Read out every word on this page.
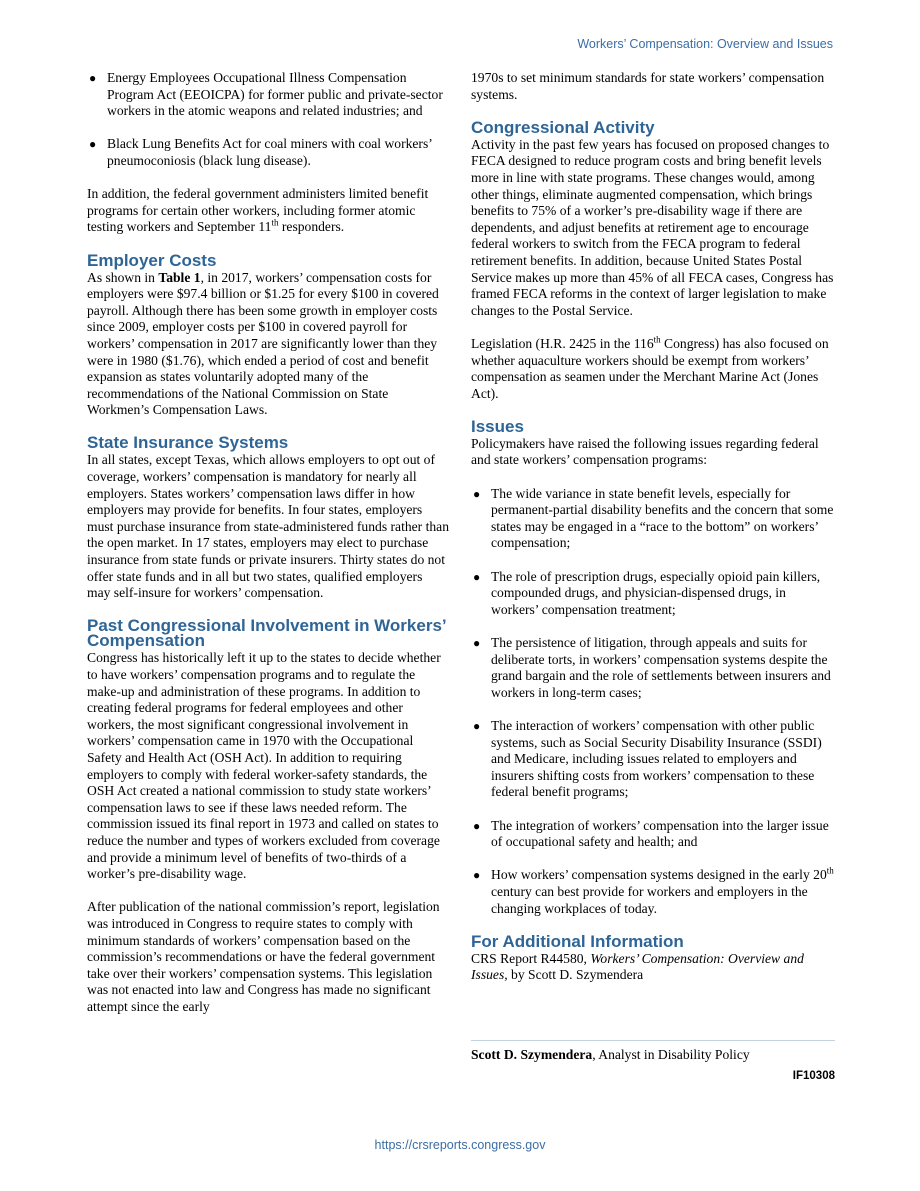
Workers’ Compensation: Overview and Issues
● Energy Employees Occupational Illness Compensation Program Act (EEOICPA) for former public and private-sector workers in the atomic weapons and related industries; and
● Black Lung Benefits Act for coal miners with coal workers’ pneumoconiosis (black lung disease).

In addition, the federal government administers limited benefit programs for certain other workers, including former atomic testing workers and September 11th responders.

Employer Costs

As shown in Table 1, in 2017, workers’ compensation costs for employers were $97.4 billion or $1.25 for every $100 in covered payroll. Although there has been some growth in employer costs since 2009, employer costs per $100 in covered payroll for workers’ compensation in 2017 are significantly lower than they were in 1980 ($1.76), which ended a period of cost and benefit expansion as states voluntarily adopted many of the recommendations of the National Commission on State Workmen’s Compensation Laws.

State Insurance Systems

In all states, except Texas, which allows employers to opt out of coverage, workers’ compensation is mandatory for nearly all employers. States workers’ compensation laws differ in how employers may provide for benefits. In four states, employers must purchase insurance from state-administered funds rather than the open market. In 17 states, employers may elect to purchase insurance from state funds or private insurers. Thirty states do not offer state funds and in all but two states, qualified employers may self-insure for workers’ compensation.

Past Congressional Involvement in Workers’ Compensation

Congress has historically left it up to the states to decide whether to have workers’ compensation programs and to regulate the make-up and administration of these programs. In addition to creating federal programs for federal employees and other workers, the most significant congressional involvement in workers’ compensation came in 1970 with the Occupational Safety and Health Act (OSH Act). In addition to requiring employers to comply with federal worker-safety standards, the OSH Act created a national commission to study state workers’ compensation laws to see if these laws needed reform. The commission issued its final report in 1973 and called on states to reduce the number and types of workers excluded from coverage and provide a minimum level of benefits of two-thirds of a worker’s pre-disability wage.

After publication of the national commission’s report, legislation was introduced in Congress to require states to comply with minimum standards of workers’ compensation based on the commission’s recommendations or have the federal government take over their workers’ compensation systems. This legislation was not enacted into law and Congress has made no significant attempt since the early

1970s to set minimum standards for state workers’ compensation systems.

Congressional Activity

Activity in the past few years has focused on proposed changes to FECA designed to reduce program costs and bring benefit levels more in line with state programs. These changes would, among other things, eliminate augmented compensation, which brings benefits to 75% of a worker’s pre-disability wage if there are dependents, and adjust benefits at retirement age to encourage federal workers to switch from the FECA program to federal retirement benefits. In addition, because United States Postal Service makes up more than 45% of all FECA cases, Congress has framed FECA reforms in the context of larger legislation to make changes to the Postal Service.

Legislation (H.R. 2425 in the 116th Congress) has also focused on whether aquaculture workers should be exempt from workers’ compensation as seamen under the Merchant Marine Act (Jones Act).

Issues

Policymakers have raised the following issues regarding federal and state workers’ compensation programs:

● The wide variance in state benefit levels, especially for permanent-partial disability benefits and the concern that some states may be engaged in a “race to the bottom” on workers’ compensation;
● The role of prescription drugs, especially opioid pain killers, compounded drugs, and physician-dispensed drugs, in workers’ compensation treatment;
● The persistence of litigation, through appeals and suits for deliberate torts, in workers’ compensation systems despite the grand bargain and the role of settlements between insurers and workers in long-term cases;
● The interaction of workers’ compensation with other public systems, such as Social Security Disability Insurance (SSDI) and Medicare, including issues related to employers and insurers shifting costs from workers’ compensation to these federal benefit programs;
● The integration of workers’ compensation into the larger issue of occupational safety and health; and
● How workers’ compensation systems designed in the early 20th century can best provide for workers and employers in the changing workplaces of today.
For Additional Information

CRS Report R44580, Workers’ Compensation: Overview and Issues, by Scott D. Szymendera

Scott D. Szymendera, Analyst in Disability Policy
IF10308
https://crsreports.congress.gov
